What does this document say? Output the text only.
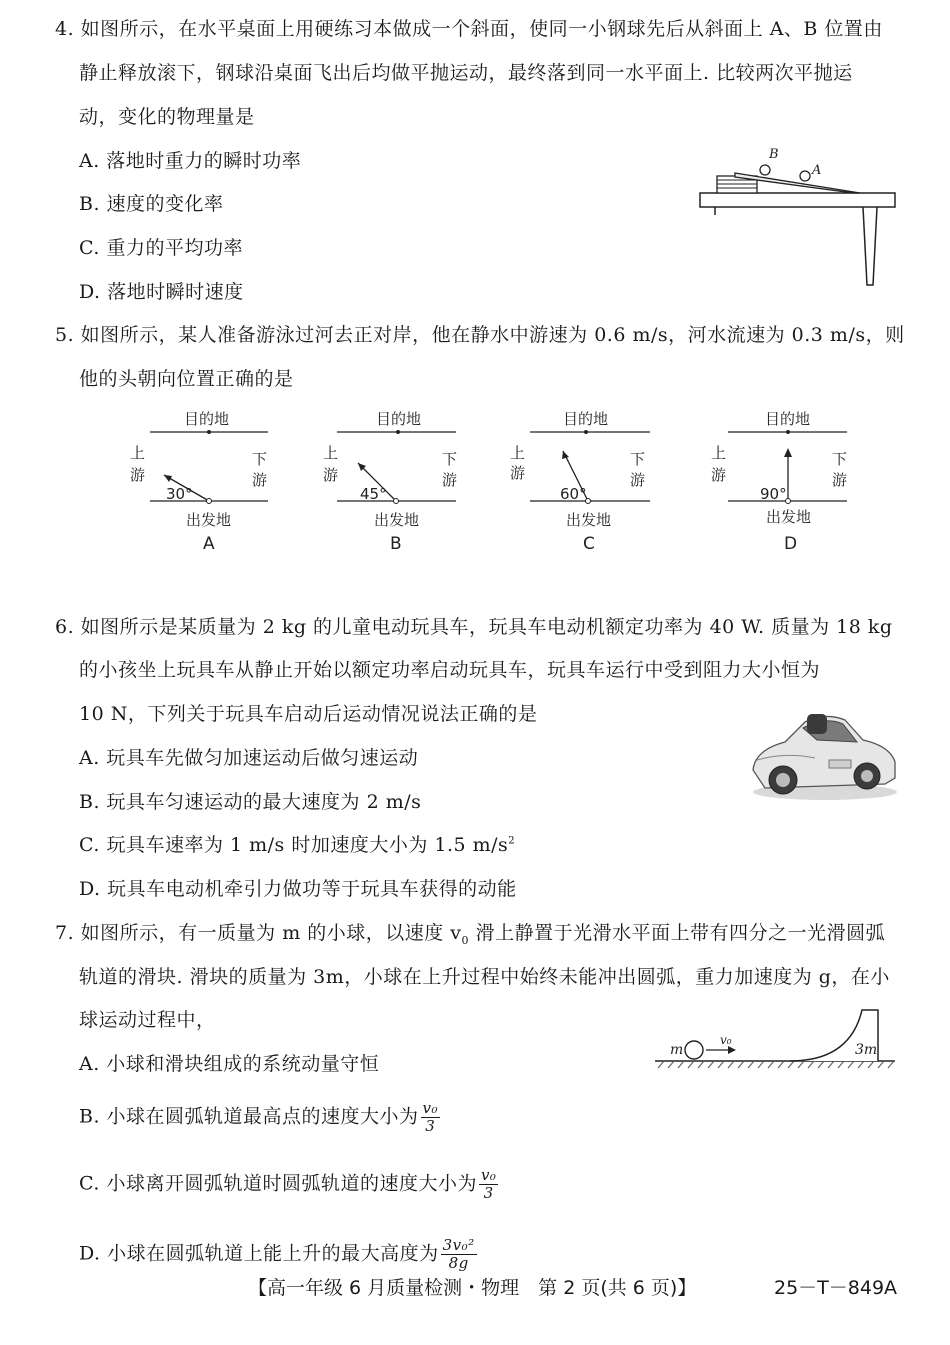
4. 如图所示，在水平桌面上用硬练习本做成一个斜面，使同一小钢球先后从斜面上 A、B 位置由
静止释放滚下，钢球沿桌面飞出后均做平抛运动，最终落到同一水平面上. 比较两次平抛运
动，变化的物理量是
A. 落地时重力的瞬时功率
B. 速度的变化率
C. 重力的平均功率
D. 落地时瞬时速度
B
A
5. 如图所示，某人准备游泳过河去正对岸，他在静水中游速为 0.6 m/s，河水流速为 0.3 m/s，则
他的头朝向位置正确的是
目的地
上
游
下
游
30°
出发地
A
目的地
上
游
下
游
45°
出发地
B
目的地
上
游
下
游
60°
出发地
C
目的地
上
游
下
游
90°
出发地
D
6. 如图所示是某质量为 2 kg 的儿童电动玩具车，玩具车电动机额定功率为 40 W. 质量为 18 kg
的小孩坐上玩具车从静止开始以额定功率启动玩具车，玩具车运行中受到阻力大小恒为
10 N，下列关于玩具车启动后运动情况说法正确的是
A. 玩具车先做匀加速运动后做匀速运动
B. 玩具车匀速运动的最大速度为 2 m/s
C. 玩具车速率为 1 m/s 时加速度大小为 1.5 $m/s^2$
D. 玩具车电动机牵引力做功等于玩具车获得的动能
7. 如图所示，有一质量为 m 的小球，以速度 $v_0$ 滑上静置于光滑水平面上带有四分之一光滑圆弧
轨道的滑块. 滑块的质量为 3m，小球在上升过程中始终未能冲出圆弧，重力加速度为 g，在小
球运动过程中，
A. 小球和滑块组成的系统动量守恒
B. 小球在圆弧轨道最高点的速度大小为 $\frac{\text{v₀}}{3}$
C. 小球离开圆弧轨道时圆弧轨道的速度大小为 $\frac{\text{v₀}}{3}$
D. 小球在圆弧轨道上能上升的最大高度为 $\frac{\text{3v₀²}}{8g}$
m
v₀
3m
【高一年级 6 月质量检测・物理　第 2 页(共 6 页)】	25－T－849A
